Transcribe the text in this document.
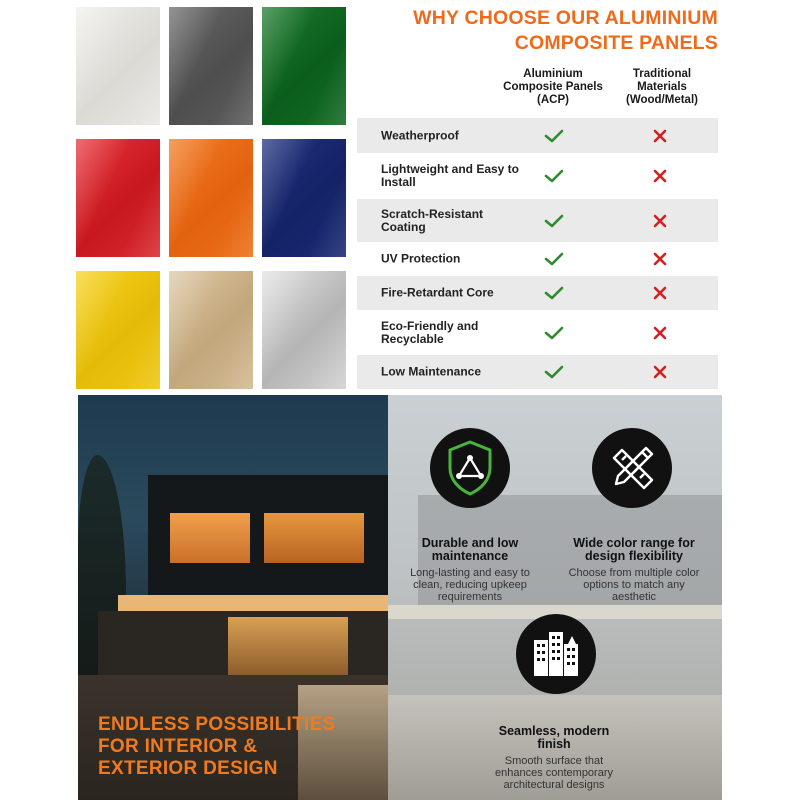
WHY CHOOSE OUR ALUMINIUM
COMPOSITE PANELS
Aluminium Composite Panels (ACP)
Traditional Materials (Wood/Metal)
Weatherproof
Lightweight and Easy to Install
Scratch-Resistant Coating
UV Protection
Fire-Retardant Core
Eco-Friendly and Recyclable
Low Maintenance
ENDLESS POSSIBILITIES
FOR INTERIOR &
EXTERIOR DESIGN
Durable and low maintenance
Long-lasting and easy to clean, reducing upkeep requirements
Wide color range for design flexibility
Choose from multiple color options to match any aesthetic
Seamless, modern finish
Smooth surface that enhances contemporary architectural designs
